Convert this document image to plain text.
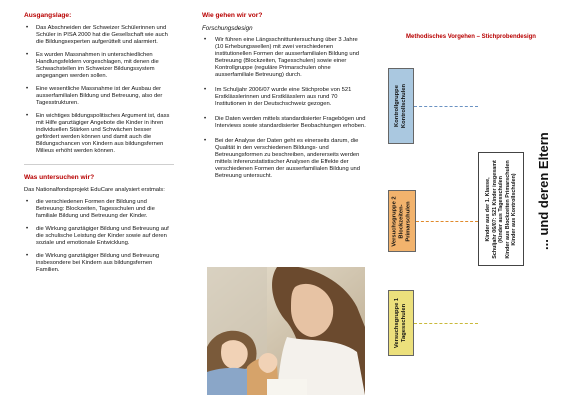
Ausgangslage:
• Das Abschneiden der Schweizer Schülerinnen und Schüler in PISA 2000 hat die Gesellschaft wie auch die Bildungsexperten aufgerüttelt und alarmiert.
• Es wurden Massnahmen in unterschiedlichen Handlungsfeldern vorgeschlagen, mit denen die Schwachstellen im Schweizer Bildungssystem angegangen werden sollen.
• Eine wesentliche Massnahme ist der Ausbau der ausserfamilialen Bildung und Betreuung, also der Tagesstrukturen.
• Ein wichtiges bildungspolitisches Argument ist, dass mit Hilfe ganztägiger Angebote die Kinder in ihren individuellen Stärken und Schwächen besser gefördert werden können und damit auch die Bildungschancen von Kindern aus bildungsfernen Milieus erhöht werden können.
Was untersuchen wir?
Das Nationalfondsprojekt EduCare analysiert erstmals:
• die verschiedenen Formen der Bildung und Betreuung: Blockzeiten, Tagesschulen und die familiale Bildung und Betreuung der Kinder.
• die Wirkung ganztägiger Bildung und Betreuung auf die schulische Leistung der Kinder sowie auf deren soziale und emotionale Entwicklung.
• die Wirkung ganztägiger Bildung und Betreuung insbesondere bei Kindern aus bildungsfernen Familien.
Wie gehen wir vor?
Forschungsdesign
• Wir führen eine Längsschnittuntersuchung über 3 Jahre (10 Erhebungswellen) mit zwei verschiedenen institutionellen Formen der ausserfamilialen Bildung und Betreuung (Blockzeiten, Tagesschulen) sowie einer Kontrollgruppe (reguläre Primarschulen ohne ausserfamiliale Betreuung) durch.
• Im Schuljahr 2006/07 wurde eine Stichprobe von 521 Erstklässlerinnen und Erstklässlern aus rund 70 Institutionen in der Deutschschweiz gezogen.
• Die Daten werden mittels standardisierter Fragebögen und Interviews sowie standardisierter Beobachtungen erhoben.
• Bei der Analyse der Daten geht es einerseits darum, die Qualität in den verschiedenen Bildungs- und Betreuungsformen zu beschreiben, andererseits werden mittels inferenzstatistischer Analysen die Effekte der verschiedenen Formen der ausserfamilialen Bildung und Betreuung untersucht.
Methodisches Vorgehen – Stichprobendesign
Kontrollgruppe
Kontrollschulen
Versuchsgruppe 2
Blockzeiten-
Primarschulen
Versuchsgruppe 1
Tagesschulen
Kinder aus der 1. Klasse,
Schuljahr 06/07: 521 Kinder insgesamt
(Kinder aus Tagesschulen
Kinder aus Blockzeiten Primarschulen
Kinder aus Kontrollschulen) ... und deren Eltern
